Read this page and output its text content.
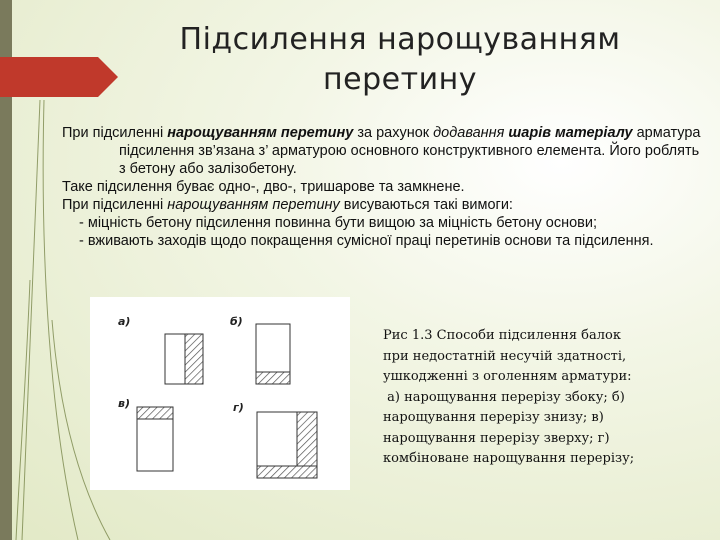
Підсилення нарощуванням
перетину

При підсиленні нарощуванням перетину за рахунок додавання шарів матеріалу арматура підсилення зв’язана з’ арматурою основного конструктивного елемента. Його роблять з бетону або залізобетону.

Таке підсилення буває одно-, дво-, тришарове та замкнене.

При підсиленні нарощуванням перетину висуваються такі вимоги:

- міцність бетону підсилення повинна бути вищою за міцність бетону основи;

- вживають заходів щодо покращення сумісної праці перетинів основи та підсилення.

а)	б)
в)	г)

Рис 1.3 Способи підсилення балок

при недостатній несучій здатності,

ушкодженні з оголенням арматури:

а) нарощування перерізу збоку; б)

нарощування перерізу знизу; в)

нарощування перерізу зверху; г)

комбіноване нарощування перерізу;
